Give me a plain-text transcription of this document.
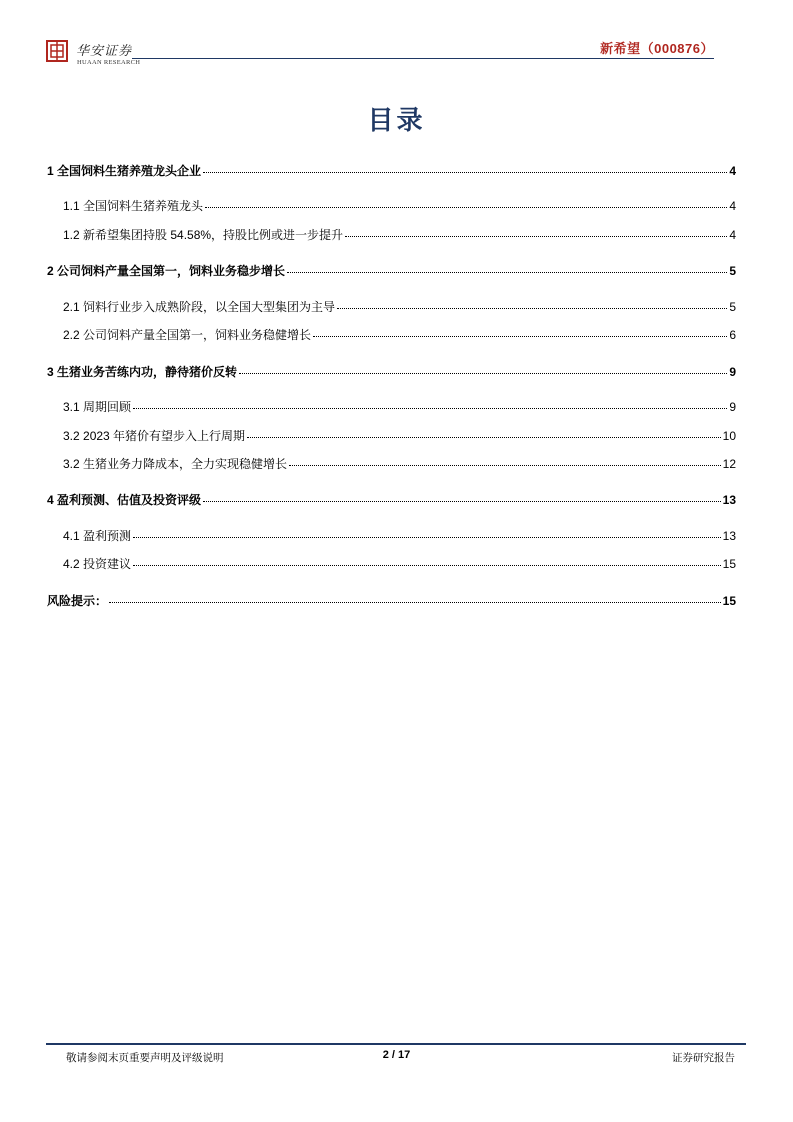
华安证券
HUAAN RESEARCH
新希望（000876）
目录
1 全国饲料生猪养殖龙头企业	4
1.1 全国饲料生猪养殖龙头	4
1.2 新希望集团持股 54.58%，持股比例或进一步提升	4
2 公司饲料产量全国第一，饲料业务稳步增长	5
2.1 饲料行业步入成熟阶段，以全国大型集团为主导	5
2.2 公司饲料产量全国第一，饲料业务稳健增长	6
3 生猪业务苦练内功，静待猪价反转	9
3.1 周期回顾	9
3.2 2023 年猪价有望步入上行周期	10
3.2 生猪业务力降成本，全力实现稳健增长	12
4 盈利预测、估值及投资评级	13
4.1 盈利预测	13
4.2 投资建议	15
风险提示：	15
敬请参阅末页重要声明及评级说明	2 / 17	证券研究报告
